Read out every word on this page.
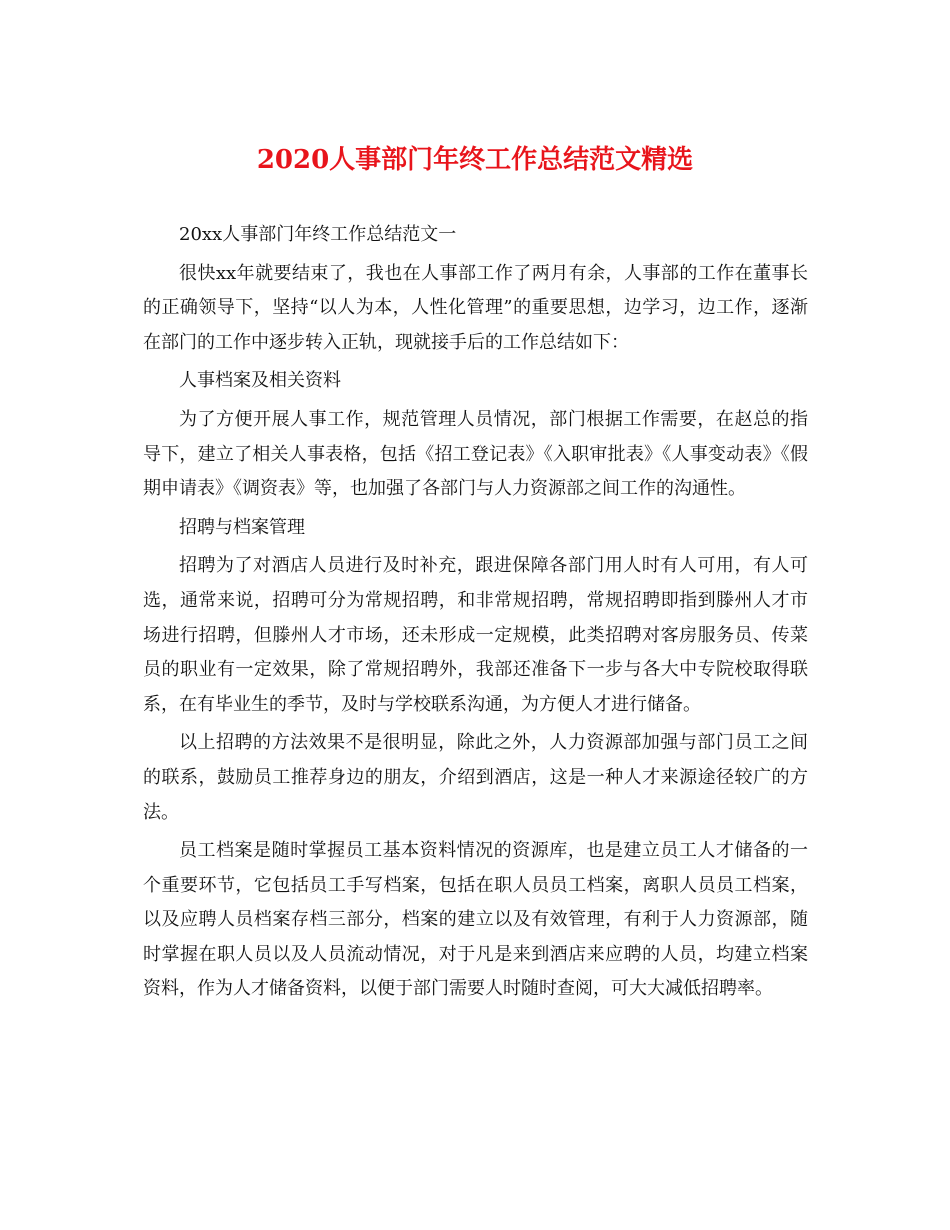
2020人事部门年终工作总结范文精选

20xx人事部门年终工作总结范文一

很快xx年就要结束了，我也在人事部工作了两月有余，人事部的工作在董事长的正确领导下，坚持“以人为本，人性化管理”的重要思想，边学习，边工作，逐渐在部门的工作中逐步转入正轨，现就接手后的工作总结如下：

人事档案及相关资料

为了方便开展人事工作，规范管理人员情况，部门根据工作需要，在赵总的指导下，建立了相关人事表格，包括《招工登记表》《入职审批表》《人事变动表》《假期申请表》《调资表》等，也加强了各部门与人力资源部之间工作的沟通性。

招聘与档案管理

招聘为了对酒店人员进行及时补充，跟进保障各部门用人时有人可用，有人可选，通常来说，招聘可分为常规招聘，和非常规招聘，常规招聘即指到滕州人才市场进行招聘，但滕州人才市场，还未形成一定规模，此类招聘对客房服务员、传菜员的职业有一定效果，除了常规招聘外，我部还准备下一步与各大中专院校取得联系，在有毕业生的季节，及时与学校联系沟通，为方便人才进行储备。

以上招聘的方法效果不是很明显，除此之外，人力资源部加强与部门员工之间的联系，鼓励员工推荐身边的朋友，介绍到酒店，这是一种人才来源途径较广的方法。

员工档案是随时掌握员工基本资料情况的资源库，也是建立员工人才储备的一个重要环节，它包括员工手写档案，包括在职人员员工档案，离职人员员工档案，以及应聘人员档案存档三部分，档案的建立以及有效管理，有利于人力资源部，随时掌握在职人员以及人员流动情况，对于凡是来到酒店来应聘的人员，均建立档案资料，作为人才储备资料，以便于部门需要人时随时查阅，可大大减低招聘率。
